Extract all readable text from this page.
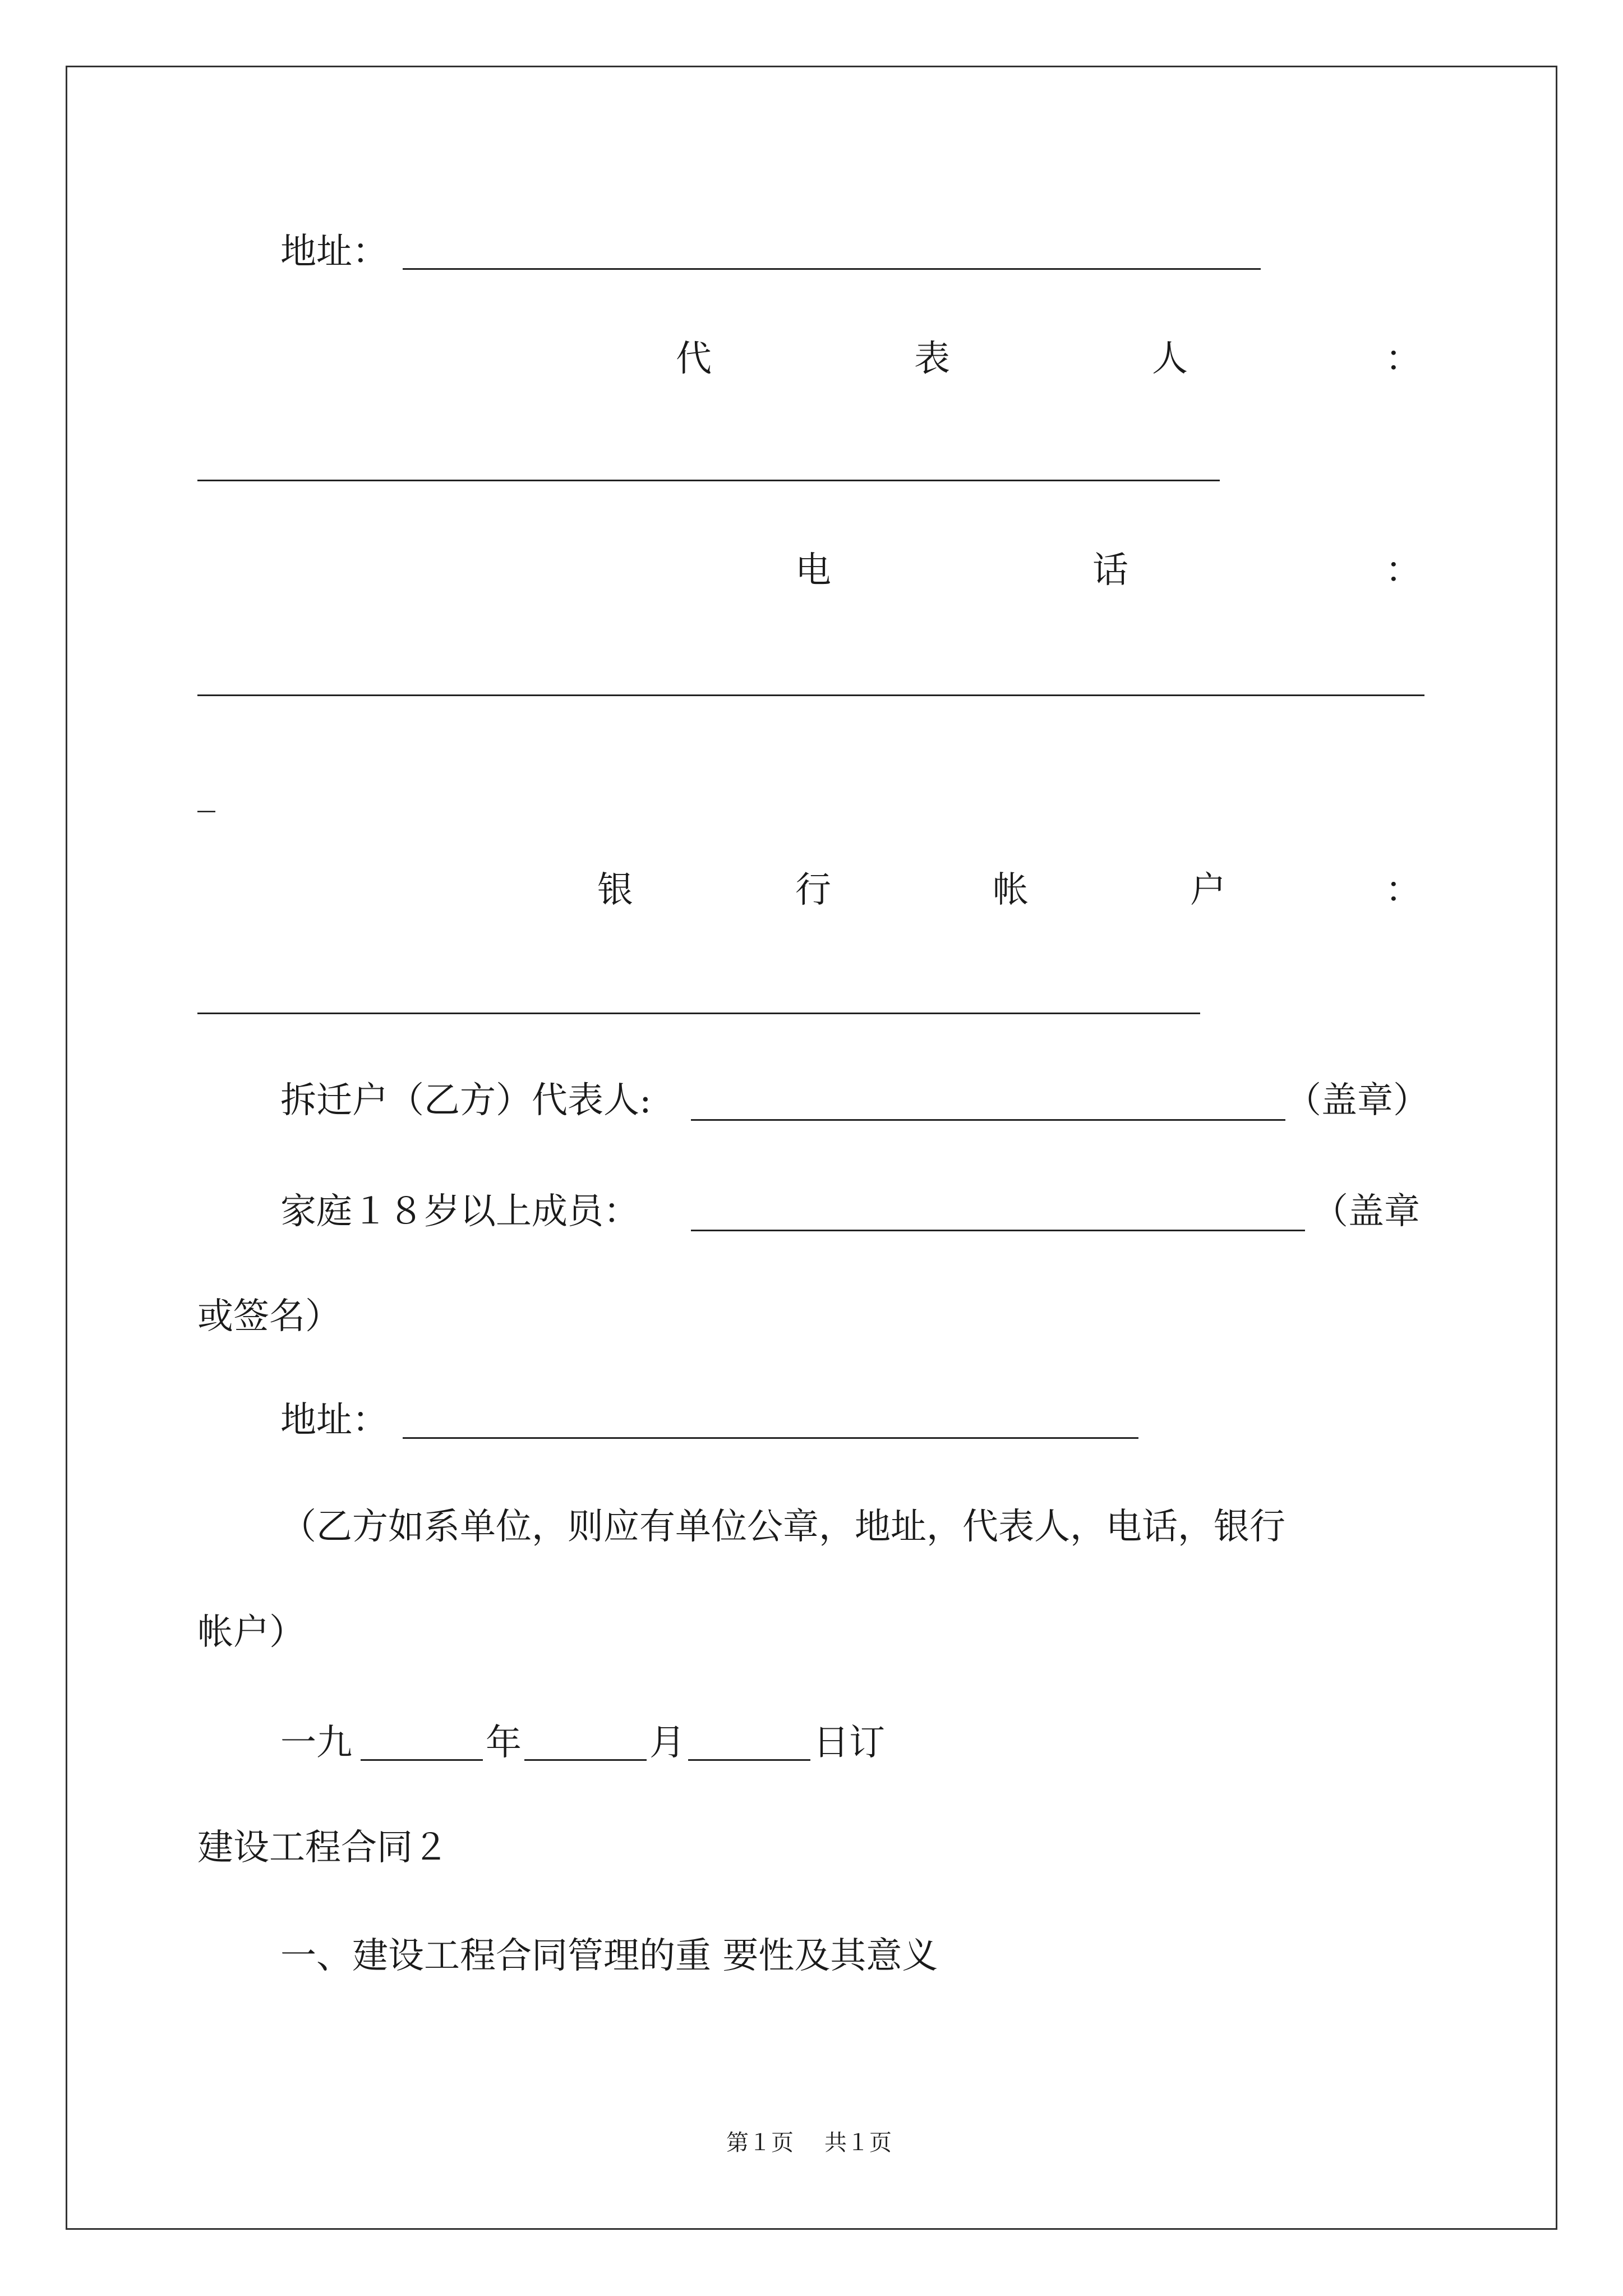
地址：
代	表	人	：
电	话	：
_
银	行	帐	户	：
拆迁户（乙方）代表人:	（盖章）
家庭１８岁以上成员：	（盖章
或签名）
地址：
（乙方如系单位，则应有单位公章，地址，代表人，电话，银行
帐户）
一九	年	月	日订
建设工程合同２
一、建设工程合同管理的重 要性及其意义
第１页 共１页
